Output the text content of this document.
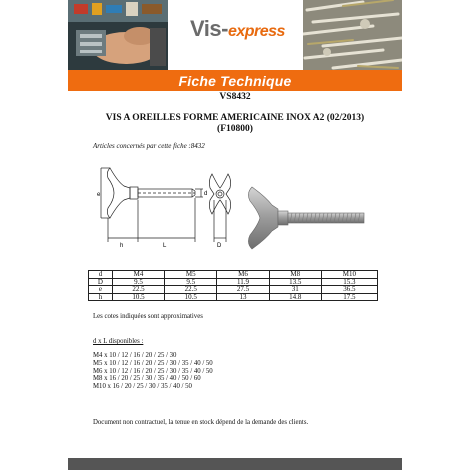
Vis-express
Fiche Technique
VS8432
VIS A OREILLES FORME AMERICAINE INOX A2 (02/2013)
(F10800)
Articles concernés par cette fiche :8432
e	d
h	L	D
d	M4	M5	M6	M8	M10
D	9.5	9.5	11.9	13.5	15.3
e	22.5	22.5	27.5	31	36.5
h	10.5	10.5	13	14.8	17.5
Les cotes indiquées sont approximatives
d x L disponibles :
M4 x 10 / 12 / 16 / 20 / 25 / 30
M5 x 10 / 12 / 16 / 20 / 25 / 30 / 35 / 40 / 50
M6 x 10 / 12 / 16 / 20 / 25 / 30 / 35 / 40 / 50
M8 x 16 / 20 / 25 / 30 / 35 / 40 / 50 / 60
M10 x 16 / 20 / 25 / 30 / 35 / 40 / 50
Document non contractuel, la tenue en stock dépend de la demande des clients.
